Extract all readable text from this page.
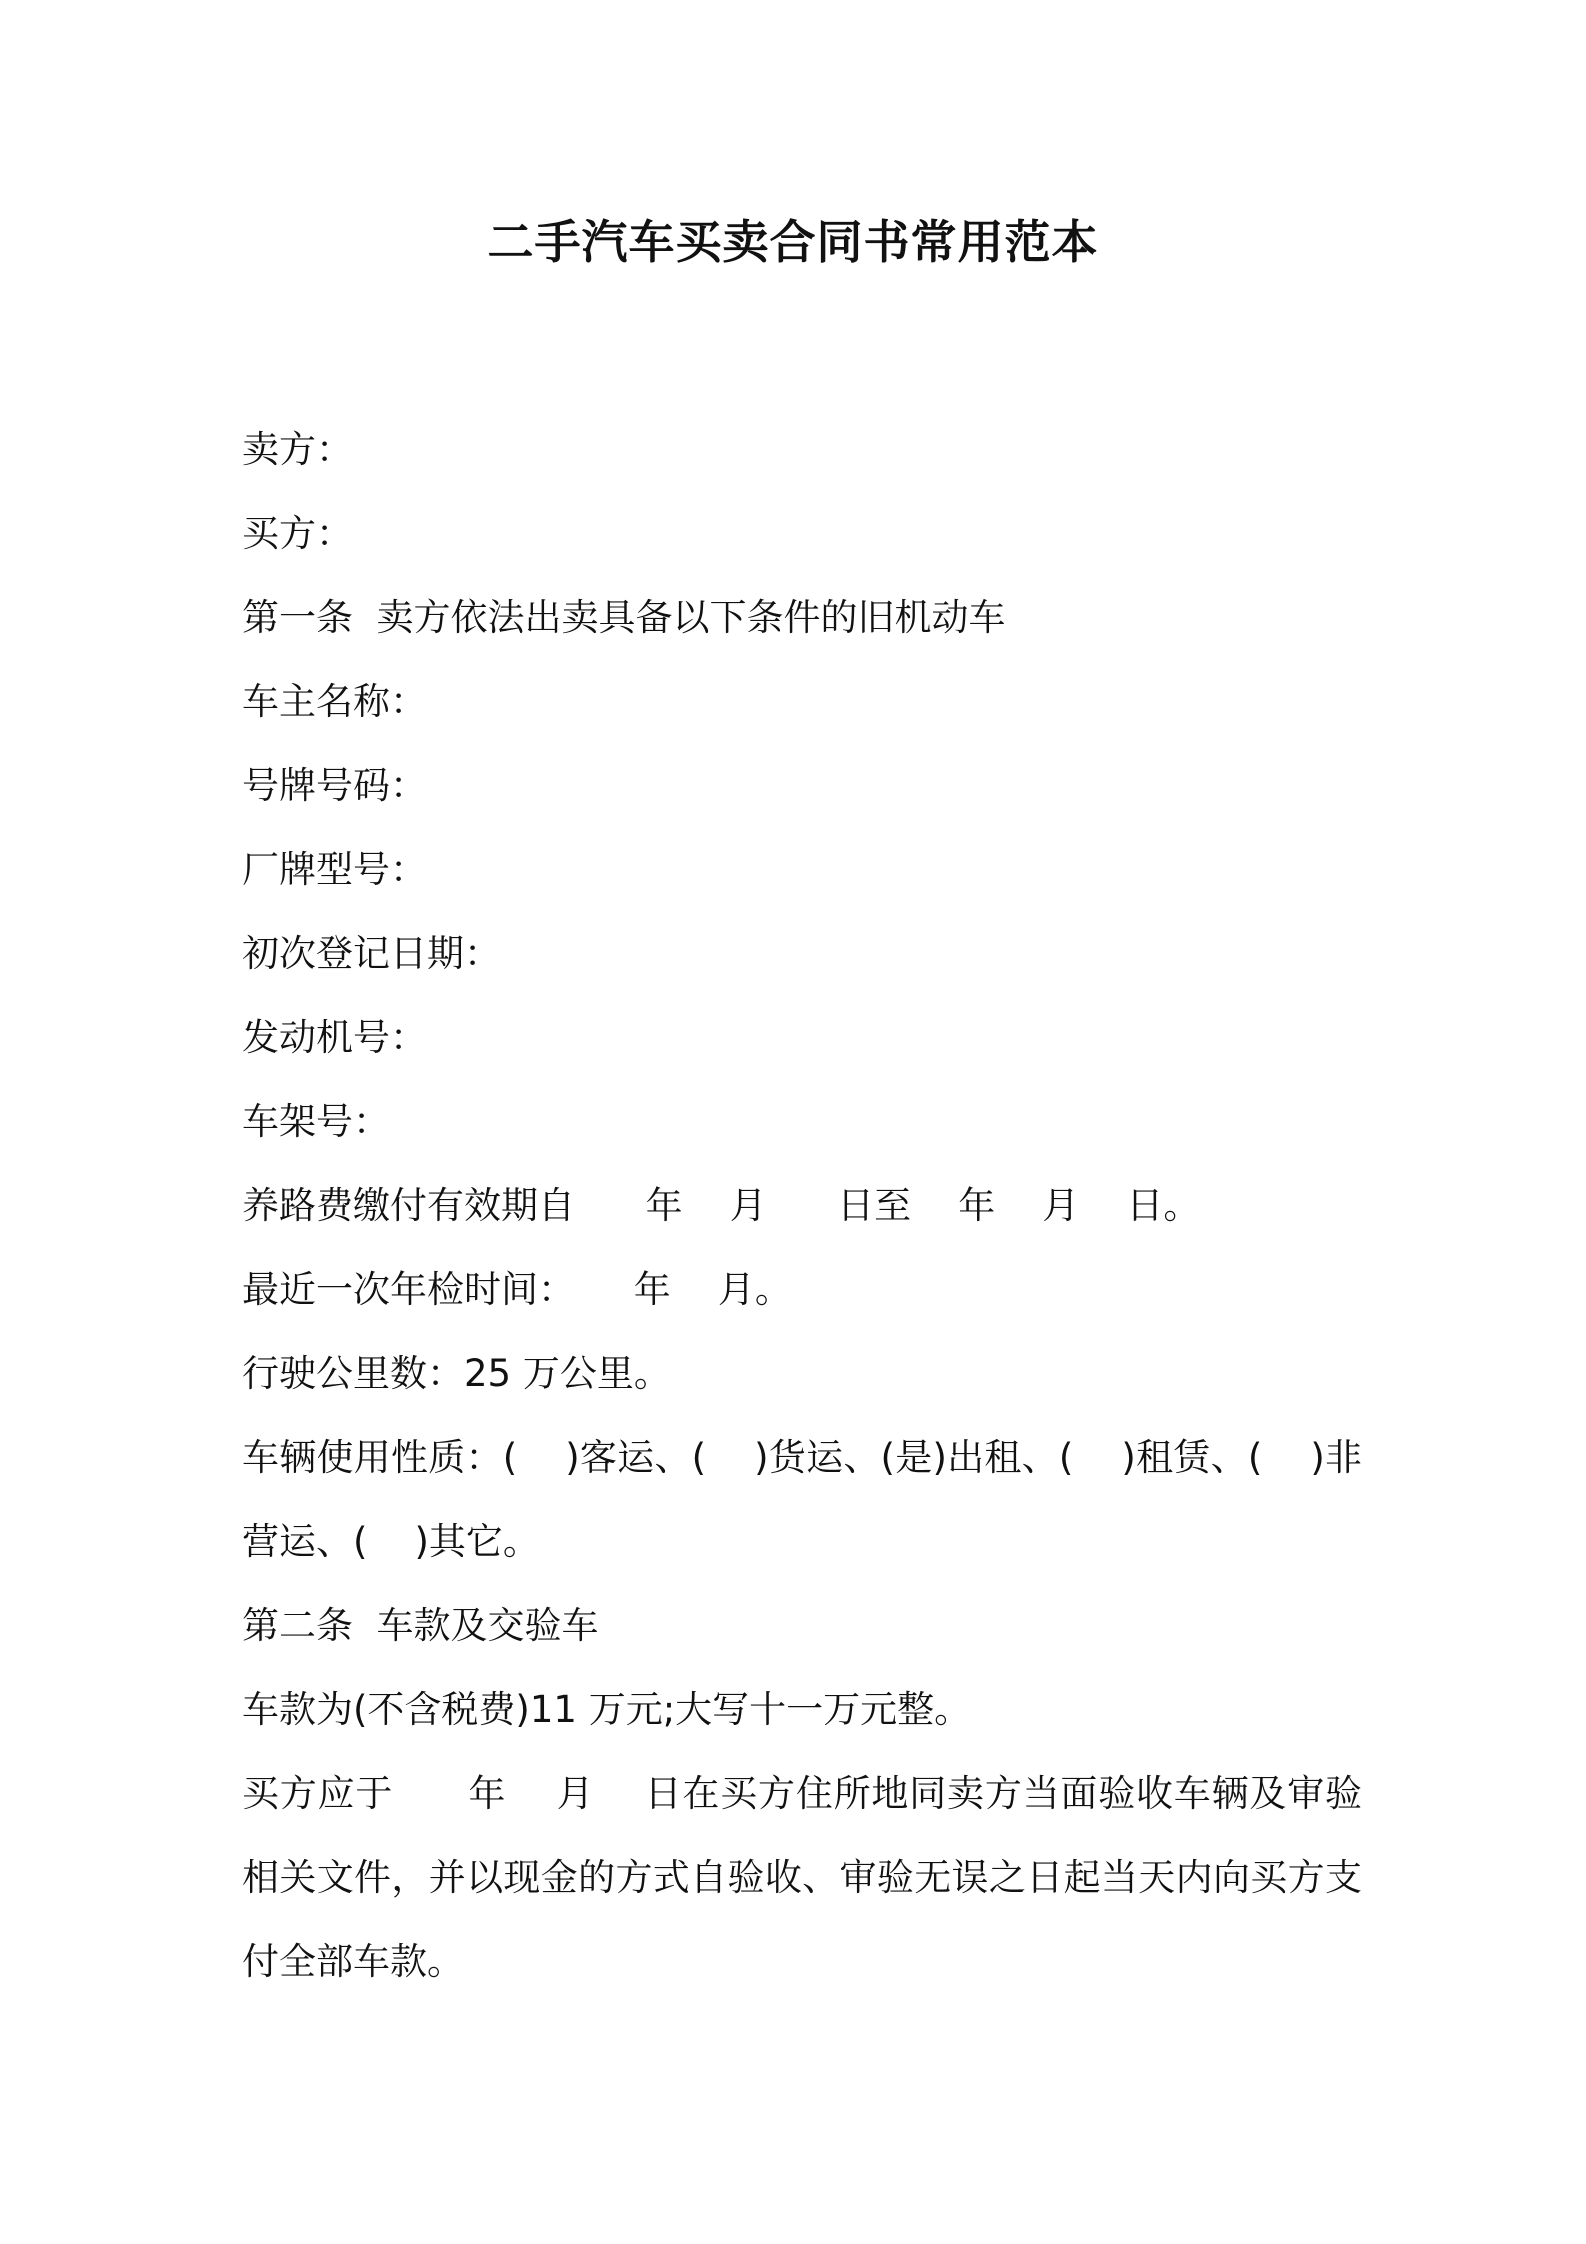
二手汽车买卖合同书常用范本

卖方：

买方：

第一条  卖方依法出卖具备以下条件的旧机动车

车主名称：

号牌号码：

厂牌型号：

初次登记日期：

发动机号：

车架号：

养路费缴付有效期自      年    月      日至    年    月    日。

最近一次年检时间：     年    月。

行驶公里数：25 万公里。

车辆使用性质：(    )客运、(    )货运、(是)出租、(    )租赁、(    )非营运、(    )其它。

第二条  车款及交验车

车款为(不含税费)11 万元;大写十一万元整。

买方应于      年    月    日在买方住所地同卖方当面验收车辆及审验相关文件，并以现金的方式自验收、审验无误之日起当天内向买方支付全部车款。
